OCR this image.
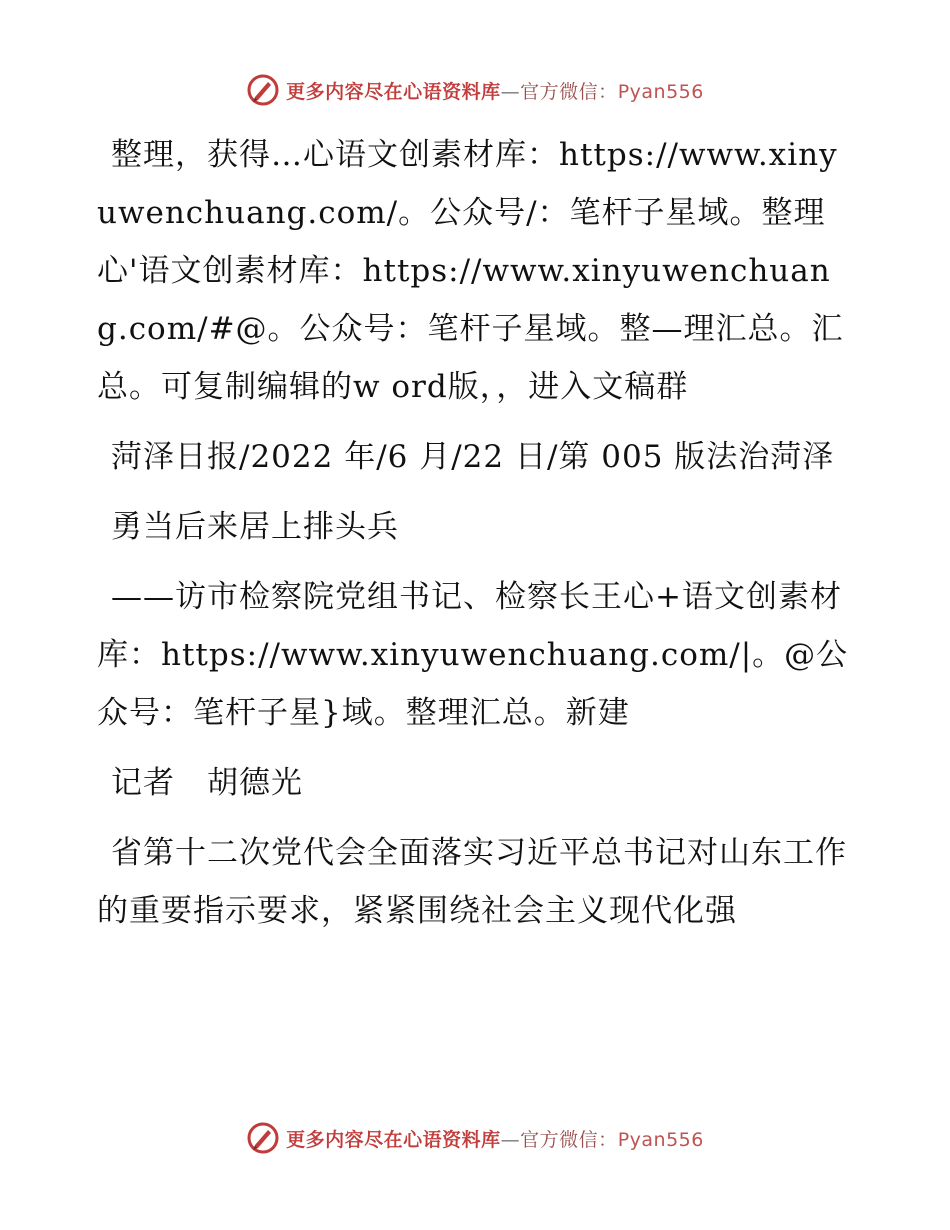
更多内容尽在心语资料库—官方微信：Pyan556

整理，获得…心语文创素材库：https://www.xinyuwenchuang.com/。公众号/：笔杆子星域。整理心'语文创素材库：https://www.xinyuwenchuang.com/#@。公众号：笔杆子星域。整—理汇总。汇总。可复制编辑的w ord版，，进入文稿群

菏泽日报/2022 年/6 月/22 日/第 005 版法治菏泽

勇当后来居上排头兵

——访市检察院党组书记、检察长王心+语文创素材库：https://www.xinyuwenchuang.com/|。@公众号：笔杆子星}域。整理汇总。新建

记者　胡德光

省第十二次党代会全面落实习近平总书记对山东工作的重要指示要求，紧紧围绕社会主义现代化强

更多内容尽在心语资料库—官方微信：Pyan556
